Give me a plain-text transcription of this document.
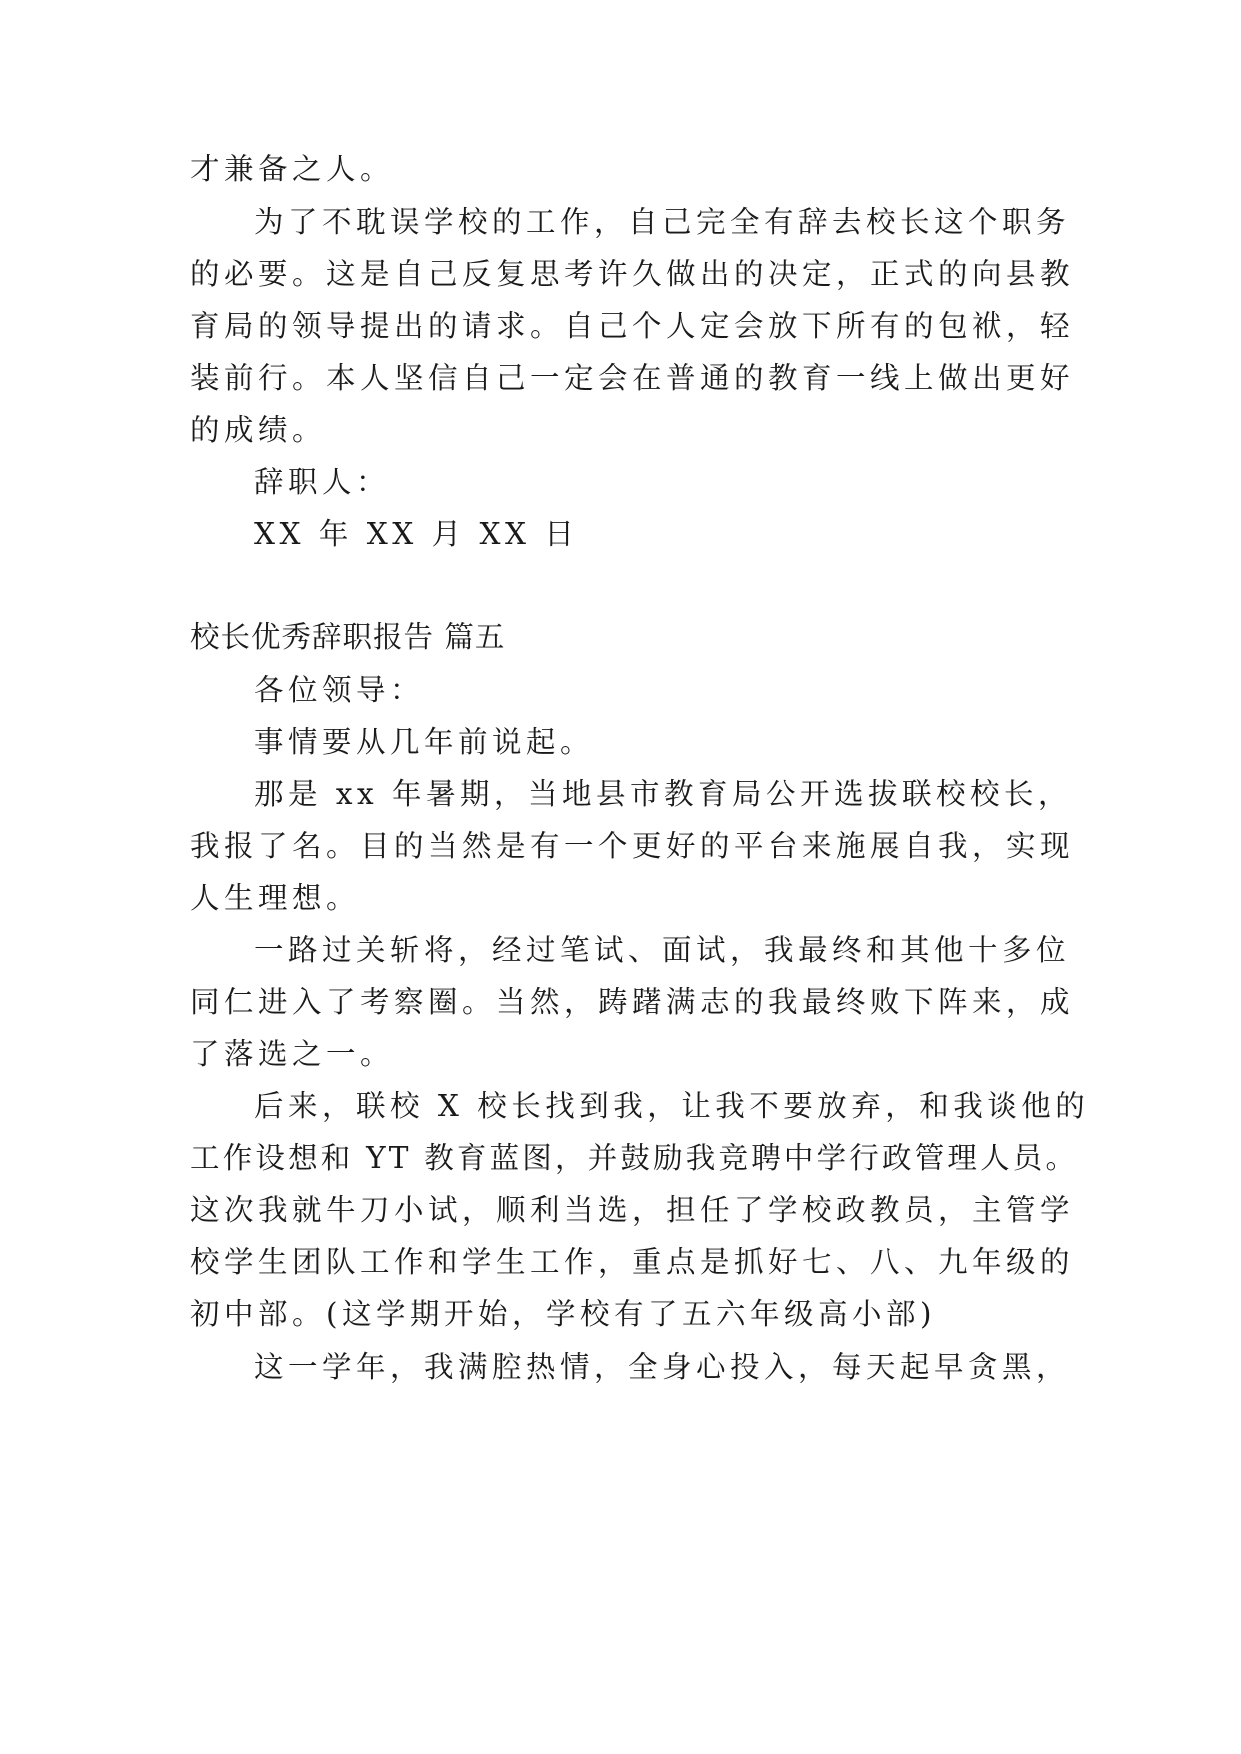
才兼备之人。
为了不耽误学校的工作，自己完全有辞去校长这个职务
的必要。这是自己反复思考许久做出的决定，正式的向县教
育局的领导提出的请求。自己个人定会放下所有的包袱，轻
装前行。本人坚信自己一定会在普通的教育一线上做出更好
的成绩。
辞职人：
XX 年 XX 月 XX 日
校长优秀辞职报告 篇五
各位领导：
事情要从几年前说起。
那是 xx 年暑期，当地县市教育局公开选拔联校校长，
我报了名。目的当然是有一个更好的平台来施展自我，实现
人生理想。
一路过关斩将，经过笔试、面试，我最终和其他十多位
同仁进入了考察圈。当然，踌躇满志的我最终败下阵来，成
了落选之一。
后来，联校 X 校长找到我，让我不要放弃，和我谈他的
工作设想和 YT 教育蓝图，并鼓励我竞聘中学行政管理人员。
这次我就牛刀小试，顺利当选，担任了学校政教员，主管学
校学生团队工作和学生工作，重点是抓好七、八、九年级的
初中部。(这学期开始，学校有了五六年级高小部)
这一学年，我满腔热情，全身心投入，每天起早贪黑，
